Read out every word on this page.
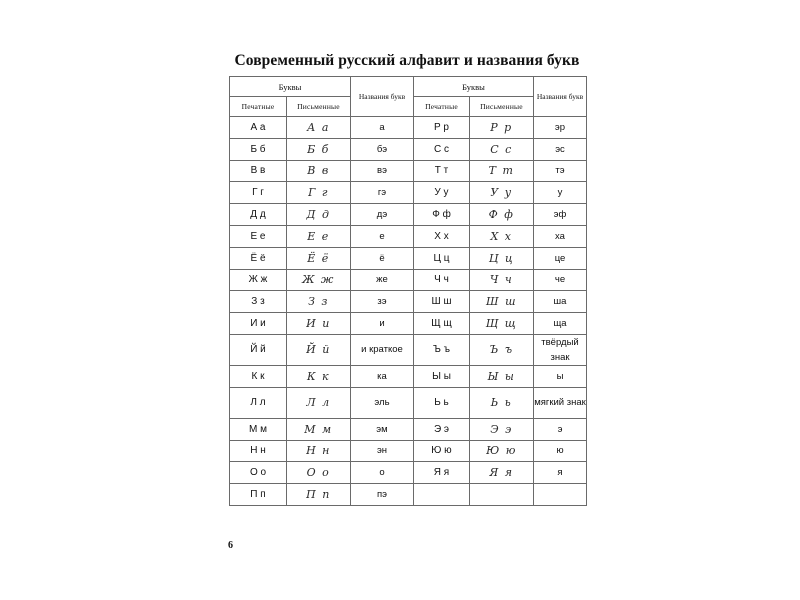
Современный русский алфавит и названия букв
Буквы		Названия букв	Буквы		Названия букв
Печатные	Письменные		Печатные	Письменные	
А а	А а	а	Р р	Р р	эр
Б б	Б б	бэ	С с	С с	эс
В в	В в	вэ	Т т	Т т	тэ
Г г	Г г	гэ	У у	У у	у
Д д	Д д	дэ	Ф ф	Ф ф	эф
Е е	Е е	е	Х х	Х х	ха
Ё ё	Ё ё	ё	Ц ц	Ц ц	це
Ж ж	Ж ж	же	Ч ч	Ч ч	че
З з	З з	зэ	Ш ш	Ш ш	ша
И и	И и	и	Щ щ	Щ щ	ща
Й й	Й й	и краткое	Ъ ъ	Ъ ъ	твёрдый знак
К к	К к	ка	Ы ы	Ы ы	ы
Л л	Л л	эль	Ь ь	Ь ь	мягкий знак
М м	М м	эм	Э э	Э э	э
Н н	Н н	эн	Ю ю	Ю ю	ю
О о	О о	о	Я я	Я я	я
П п	П п	пэ			
6
